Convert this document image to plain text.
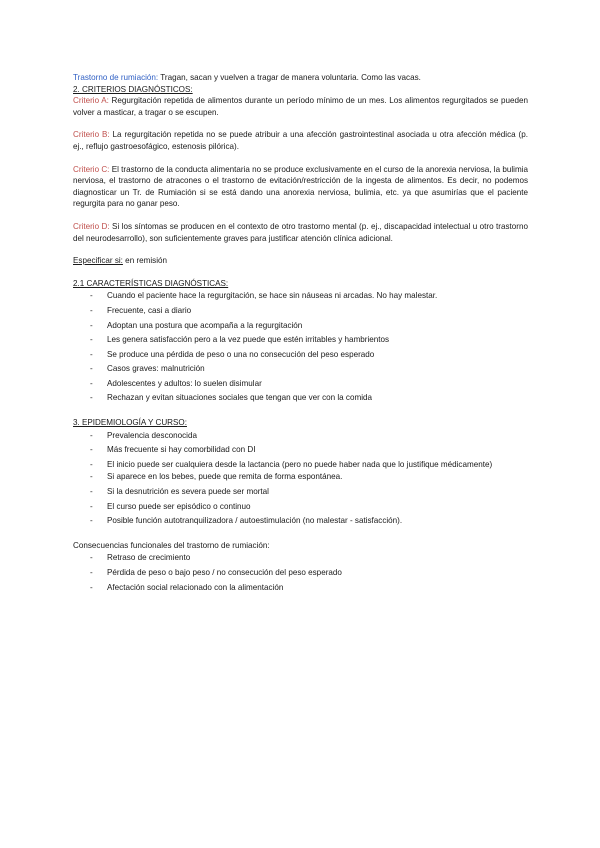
Trastorno de rumiación: Tragan, sacan y vuelven a tragar de manera voluntaria. Como las vacas.

2. CRITERIOS DIAGNÓSTICOS:

Criterio A: Regurgitación repetida de alimentos durante un período mínimo de un mes. Los alimentos regurgitados se pueden volver a masticar, a tragar o se escupen.

Criterio B: La regurgitación repetida no se puede atribuir a una afección gastrointestinal asociada u otra afección médica (p. ej., reflujo gastroesofágico, estenosis pilórica).

Criterio C: El trastorno de la conducta alimentaria no se produce exclusivamente en el curso de la anorexia nerviosa, la bulimia nerviosa, el trastorno de atracones o el trastorno de evitación/restricción de la ingesta de alimentos. Es decir, no podemos diagnosticar un Tr. de Rumiación si se está dando una anorexia nerviosa, bulimia, etc. ya que asumirías que el paciente regurgita para no ganar peso.

Criterio D: Si los síntomas se producen en el contexto de otro trastorno mental (p. ej., discapacidad intelectual u otro trastorno del neurodesarrollo), son suficientemente graves para justificar atención clínica adicional.

Especificar si: en remisión

2.1 CARACTERÍSTICAS DIAGNÓSTICAS:

- Cuando el paciente hace la regurgitación, se hace sin náuseas ni arcadas. No hay malestar.
- Frecuente, casi a diario
- Adoptan una postura que acompaña a la regurgitación
- Les genera satisfacción pero a la vez puede que estén irritables y hambrientos
- Se produce una pérdida de peso o una no consecución del peso esperado
- Casos graves: malnutrición
- Adolescentes y adultos: lo suelen disimular
- Rechazan y evitan situaciones sociales que tengan que ver con la comida

3. EPIDEMIOLOGÍA Y CURSO:

- Prevalencia desconocida
- Más frecuente si hay comorbilidad con DI
- El inicio puede ser cualquiera desde la lactancia (pero no puede haber nada que lo justifique médicamente)
- Si aparece en los bebes, puede que remita de forma espontánea.
- Si la desnutrición es severa puede ser mortal
- El curso puede ser episódico o continuo
- Posible función autotranquilizadora / autoestimulación (no malestar - satisfacción).

Consecuencias funcionales del trastorno de rumiación:

- Retraso de crecimiento
- Pérdida de peso o bajo peso / no consecución del peso esperado
- Afectación social relacionado con la alimentación
